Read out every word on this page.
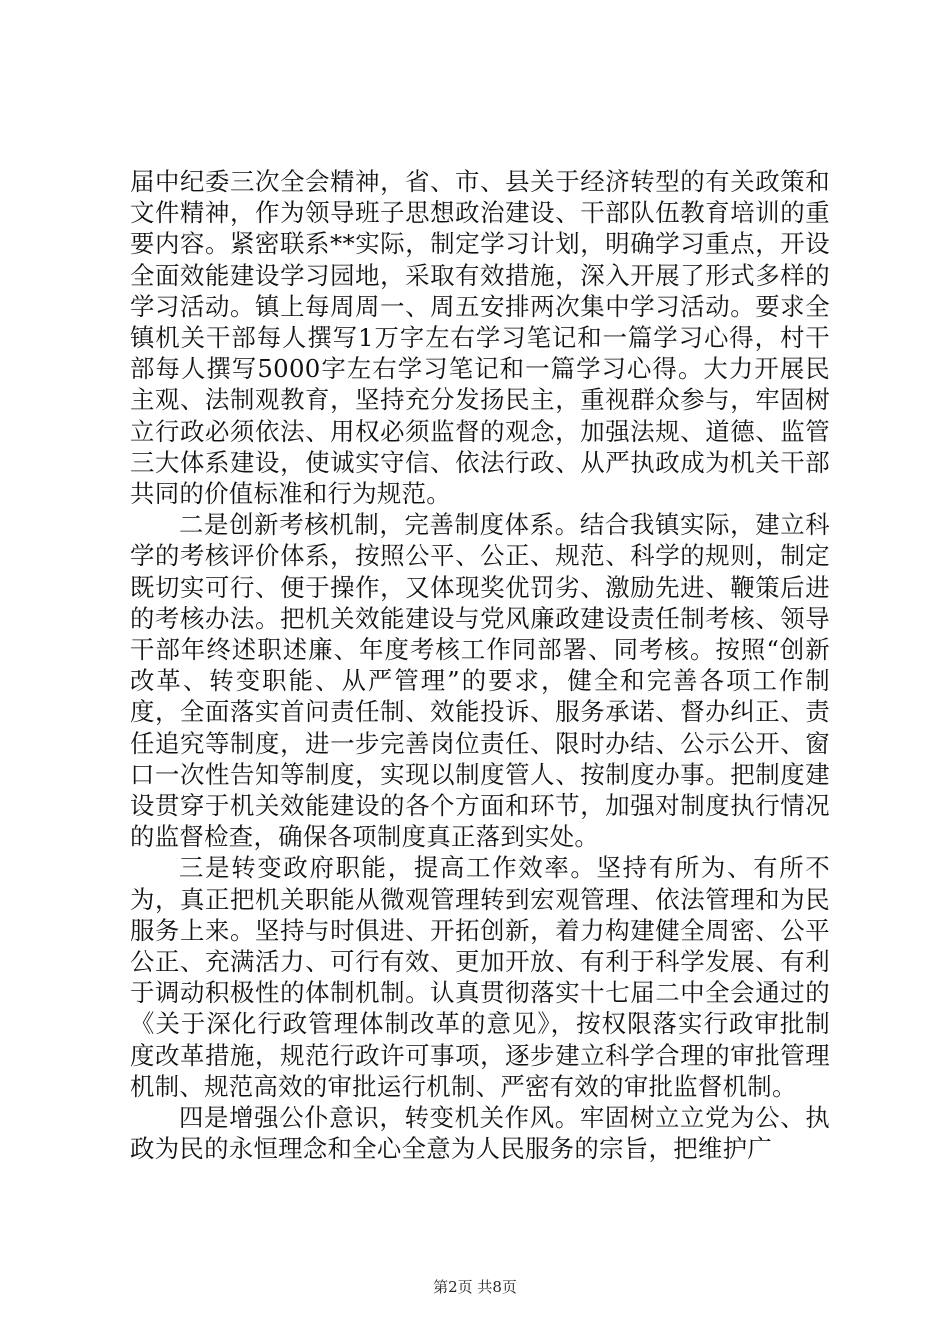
届中纪委三次全会精神，省、市、县关于经济转型的有关政策和文件精神，作为领导班子思想政治建设、干部队伍教育培训的重要内容。紧密联系**实际，制定学习计划，明确学习重点，开设全面效能建设学习园地，采取有效措施，深入开展了形式多样的学习活动。镇上每周周一、周五安排两次集中学习活动。要求全镇机关干部每人撰写1万字左右学习笔记和一篇学习心得，村干部每人撰写5000字左右学习笔记和一篇学习心得。大力开展民主观、法制观教育，坚持充分发扬民主，重视群众参与，牢固树立行政必须依法、用权必须监督的观念，加强法规、道德、监管三大体系建设，使诚实守信、依法行政、从严执政成为机关干部共同的价值标准和行为规范。

二是创新考核机制，完善制度体系。结合我镇实际，建立科学的考核评价体系，按照公平、公正、规范、科学的规则，制定既切实可行、便于操作，又体现奖优罚劣、激励先进、鞭策后进的考核办法。把机关效能建设与党风廉政建设责任制考核、领导干部年终述职述廉、年度考核工作同部署、同考核。按照“创新改革、转变职能、从严管理”的要求，健全和完善各项工作制度，全面落实首问责任制、效能投诉、服务承诺、督办纠正、责任追究等制度，进一步完善岗位责任、限时办结、公示公开、窗口一次性告知等制度，实现以制度管人、按制度办事。把制度建设贯穿于机关效能建设的各个方面和环节，加强对制度执行情况的监督检查，确保各项制度真正落到实处。

三是转变政府职能，提高工作效率。坚持有所为、有所不为，真正把机关职能从微观管理转到宏观管理、依法管理和为民服务上来。坚持与时俱进、开拓创新，着力构建健全周密、公平公正、充满活力、可行有效、更加开放、有利于科学发展、有利于调动积极性的体制机制。认真贯彻落实十七届二中全会通过的《关于深化行政管理体制改革的意见》，按权限落实行政审批制度改革措施，规范行政许可事项，逐步建立科学合理的审批管理机制、规范高效的审批运行机制、严密有效的审批监督机制。

四是增强公仆意识，转变机关作风。牢固树立立党为公、执政为民的永恒理念和全心全意为人民服务的宗旨，把维护广

第2页 共8页
